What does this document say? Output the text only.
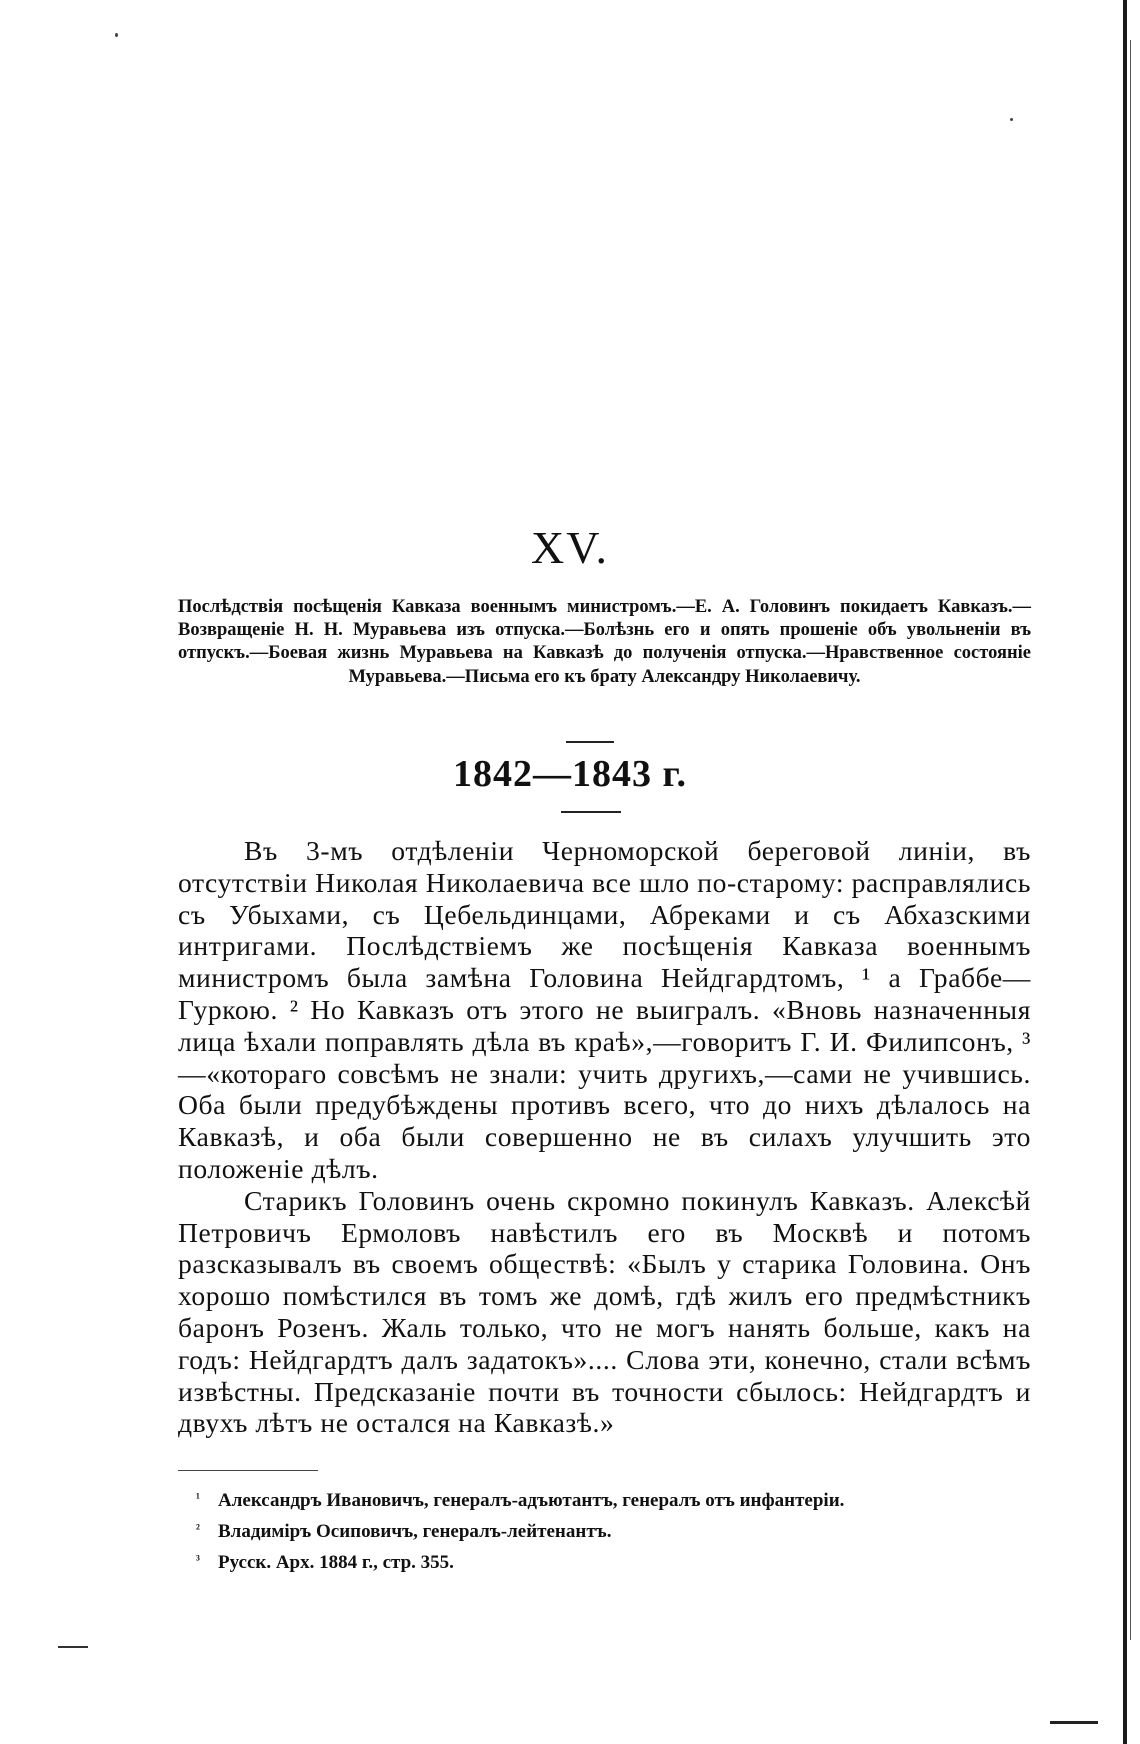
XV.
Послѣдствія посѣщенія Кавказа военнымъ министромъ.—Е. А. Головинъ покидаетъ Кавказъ.—Возвращеніе Н. Н. Муравьева изъ отпуска.—Болѣзнь его и опять прошеніе объ увольненіи въ отпускъ.—Боевая жизнь Муравьева на Кавказѣ до полученія отпуска.—Нравственное состояніе Муравьева.—Письма его къ брату Александру Николаевичу.
1842—1843 г.

Въ 3-мъ отдѣленіи Черноморской береговой линіи, въ отсутствіи Николая Николаевича все шло по-старому: расправлялись съ Убыхами, съ Цебельдинцами, Абреками и съ Абхазскими интригами. Послѣдствіемъ же посѣщенія Кавказа военнымъ министромъ была замѣна Головина Нейдгардтомъ, ¹ а Граббе—Гуркою. ² Но Кавказъ отъ этого не выигралъ. «Вновь назначенныя лица ѣхали поправлять дѣла въ краѣ»,—говоритъ Г. И. Филипсонъ, ³—«котораго совсѣмъ не знали: учить другихъ,—сами не учившись. Оба были предубѣждены противъ всего, что до нихъ дѣлалось на Кавказѣ, и оба были совершенно не въ силахъ улучшить это положеніе дѣлъ.

Старикъ Головинъ очень скромно покинулъ Кавказъ. Алексѣй Петровичъ Ермоловъ навѣстилъ его въ Москвѣ и потомъ разсказывалъ въ своемъ обществѣ: «Былъ у старика Головина. Онъ хорошо помѣстился въ томъ же домѣ, гдѣ жилъ его предмѣстникъ баронъ Розенъ. Жаль только, что не могъ нанять больше, какъ на годъ: Нейдгардтъ далъ задатокъ».... Слова эти, конечно, стали всѣмъ извѣстны. Предсказаніе почти въ точности сбылось: Нейдгардтъ и двухъ лѣтъ не остался на Кавказѣ.»

¹ Александръ Ивановичъ, генералъ-адъютантъ, генералъ отъ инфантеріи.

² Владиміръ Осиповичъ, генералъ-лейтенантъ.

³ Русск. Арх. 1884 г., стр. 355.
